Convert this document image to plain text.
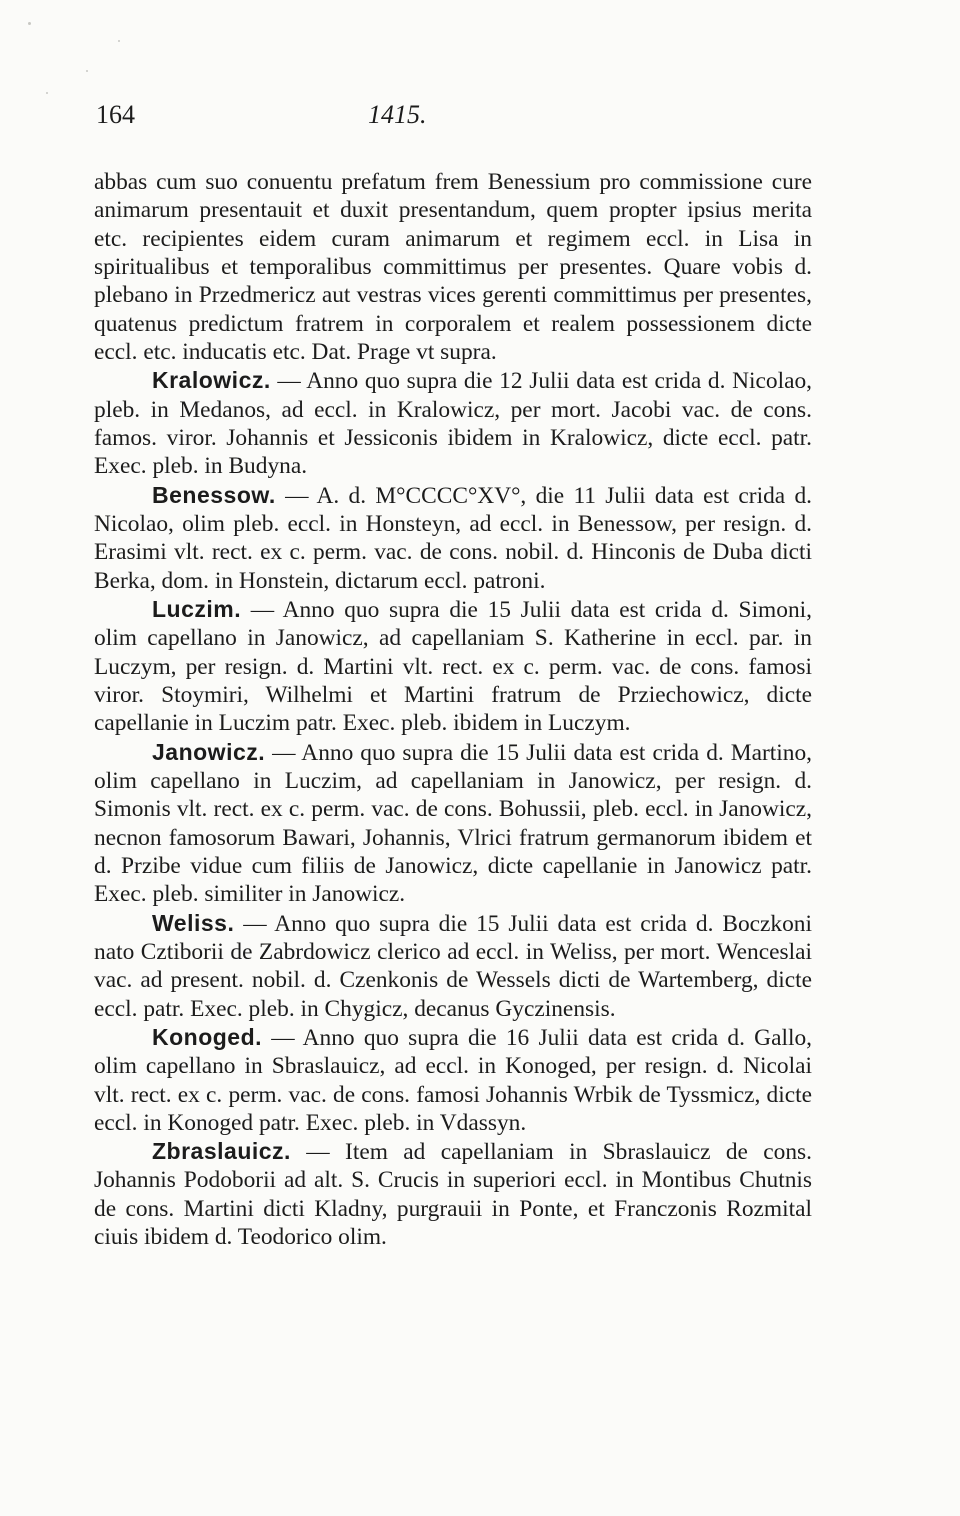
164	1415.

abbas cum suo conuentu prefatum frem Benessium pro commissione cure animarum presentauit et duxit presentandum, quem propter ipsius merita etc. recipientes eidem curam animarum et regimem eccl. in Lisa in spiritualibus et temporalibus committimus per presentes. Quare vobis d. plebano in Przedmericz aut vestras vices gerenti committimus per presentes, quatenus predictum fratrem in corporalem et realem possessionem dicte eccl. etc. inducatis etc. Dat. Prage vt supra.

Kralowicz. — Anno quo supra die 12 Julii data est crida d. Nicolao, pleb. in Medanos, ad eccl. in Kralowicz, per mort. Jacobi vac. de cons. famos. viror. Johannis et Jessiconis ibidem in Kralowicz, dicte eccl. patr. Exec. pleb. in Budyna.

Benessow. — A. d. M°CCCC°XV°, die 11 Julii data est crida d. Nicolao, olim pleb. eccl. in Honsteyn, ad eccl. in Benessow, per resign. d. Erasimi vlt. rect. ex c. perm. vac. de cons. nobil. d. Hinconis de Duba dicti Berka, dom. in Honstein, dictarum eccl. patroni.

Luczim. — Anno quo supra die 15 Julii data est crida d. Simoni, olim capellano in Janowicz, ad capellaniam S. Katherine in eccl. par. in Luczym, per resign. d. Martini vlt. rect. ex c. perm. vac. de cons. famosi viror. Stoymiri, Wilhelmi et Martini fratrum de Prziechowicz, dicte capellanie in Luczim patr. Exec. pleb. ibidem in Luczym.

Janowicz. — Anno quo supra die 15 Julii data est crida d. Martino, olim capellano in Luczim, ad capellaniam in Janowicz, per resign. d. Simonis vlt. rect. ex c. perm. vac. de cons. Bohussii, pleb. eccl. in Janowicz, necnon famosorum Bawari, Johannis, Vlrici fratrum germanorum ibidem et d. Przibe vidue cum filiis de Janowicz, dicte capellanie in Janowicz patr. Exec. pleb. similiter in Janowicz.

Weliss. — Anno quo supra die 15 Julii data est crida d. Boczkoni nato Cztiborii de Zabrdowicz clerico ad eccl. in Weliss, per mort. Wenceslai vac. ad present. nobil. d. Czenkonis de Wessels dicti de Wartemberg, dicte eccl. patr. Exec. pleb. in Chygicz, decanus Gyczinensis.

Konoged. — Anno quo supra die 16 Julii data est crida d. Gallo, olim capellano in Sbraslauicz, ad eccl. in Konoged, per resign. d. Nicolai vlt. rect. ex c. perm. vac. de cons. famosi Johannis Wrbik de Tyssmicz, dicte eccl. in Konoged patr. Exec. pleb. in Vdassyn.

Zbraslauicz. — Item ad capellaniam in Sbraslauicz de cons. Johannis Podoborii ad alt. S. Crucis in superiori eccl. in Montibus Chutnis de cons. Martini dicti Kladny, purgrauii in Ponte, et Franczonis Rozmital ciuis ibidem d. Teodorico olim.
